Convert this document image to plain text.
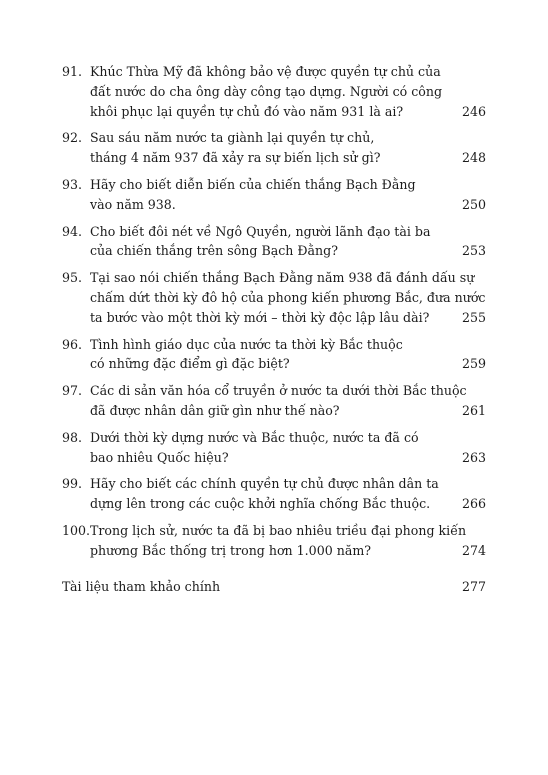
91. Khúc Thừa Mỹ đã không bảo vệ được quyền tự chủ của
đất nước do cha ông dày công tạo dựng. Người có công
khôi phục lại quyền tự chủ đó vào năm 931 là ai?	246
92. Sau sáu năm nước ta giành lại quyền tự chủ,
tháng 4 năm 937 đã xảy ra sự biến lịch sử gì?	248
93. Hãy cho biết diễn biến của chiến thắng Bạch Đằng
vào năm 938.	250
94. Cho biết đôi nét về Ngô Quyền, người lãnh đạo tài ba
của chiến thắng trên sông Bạch Đằng?	253
95. Tại sao nói chiến thắng Bạch Đằng năm 938 đã đánh dấu sự
chấm dứt thời kỳ đô hộ của phong kiến phương Bắc, đưa nước
ta bước vào một thời kỳ mới – thời kỳ độc lập lâu dài?	255
96. Tình hình giáo dục của nước ta thời kỳ Bắc thuộc
có những đặc điểm gì đặc biệt?	259
97. Các di sản văn hóa cổ truyền ở nước ta dưới thời Bắc thuộc
đã được nhân dân giữ gìn như thế nào?	261
98. Dưới thời kỳ dựng nước và Bắc thuộc, nước ta đã có
bao nhiêu Quốc hiệu?	263
99. Hãy cho biết các chính quyền tự chủ được nhân dân ta
dựng lên trong các cuộc khởi nghĩa chống Bắc thuộc.	266
100. Trong lịch sử, nước ta đã bị bao nhiêu triều đại phong kiến
phương Bắc thống trị trong hơn 1.000 năm?	274
Tài liệu tham khảo chính	277
